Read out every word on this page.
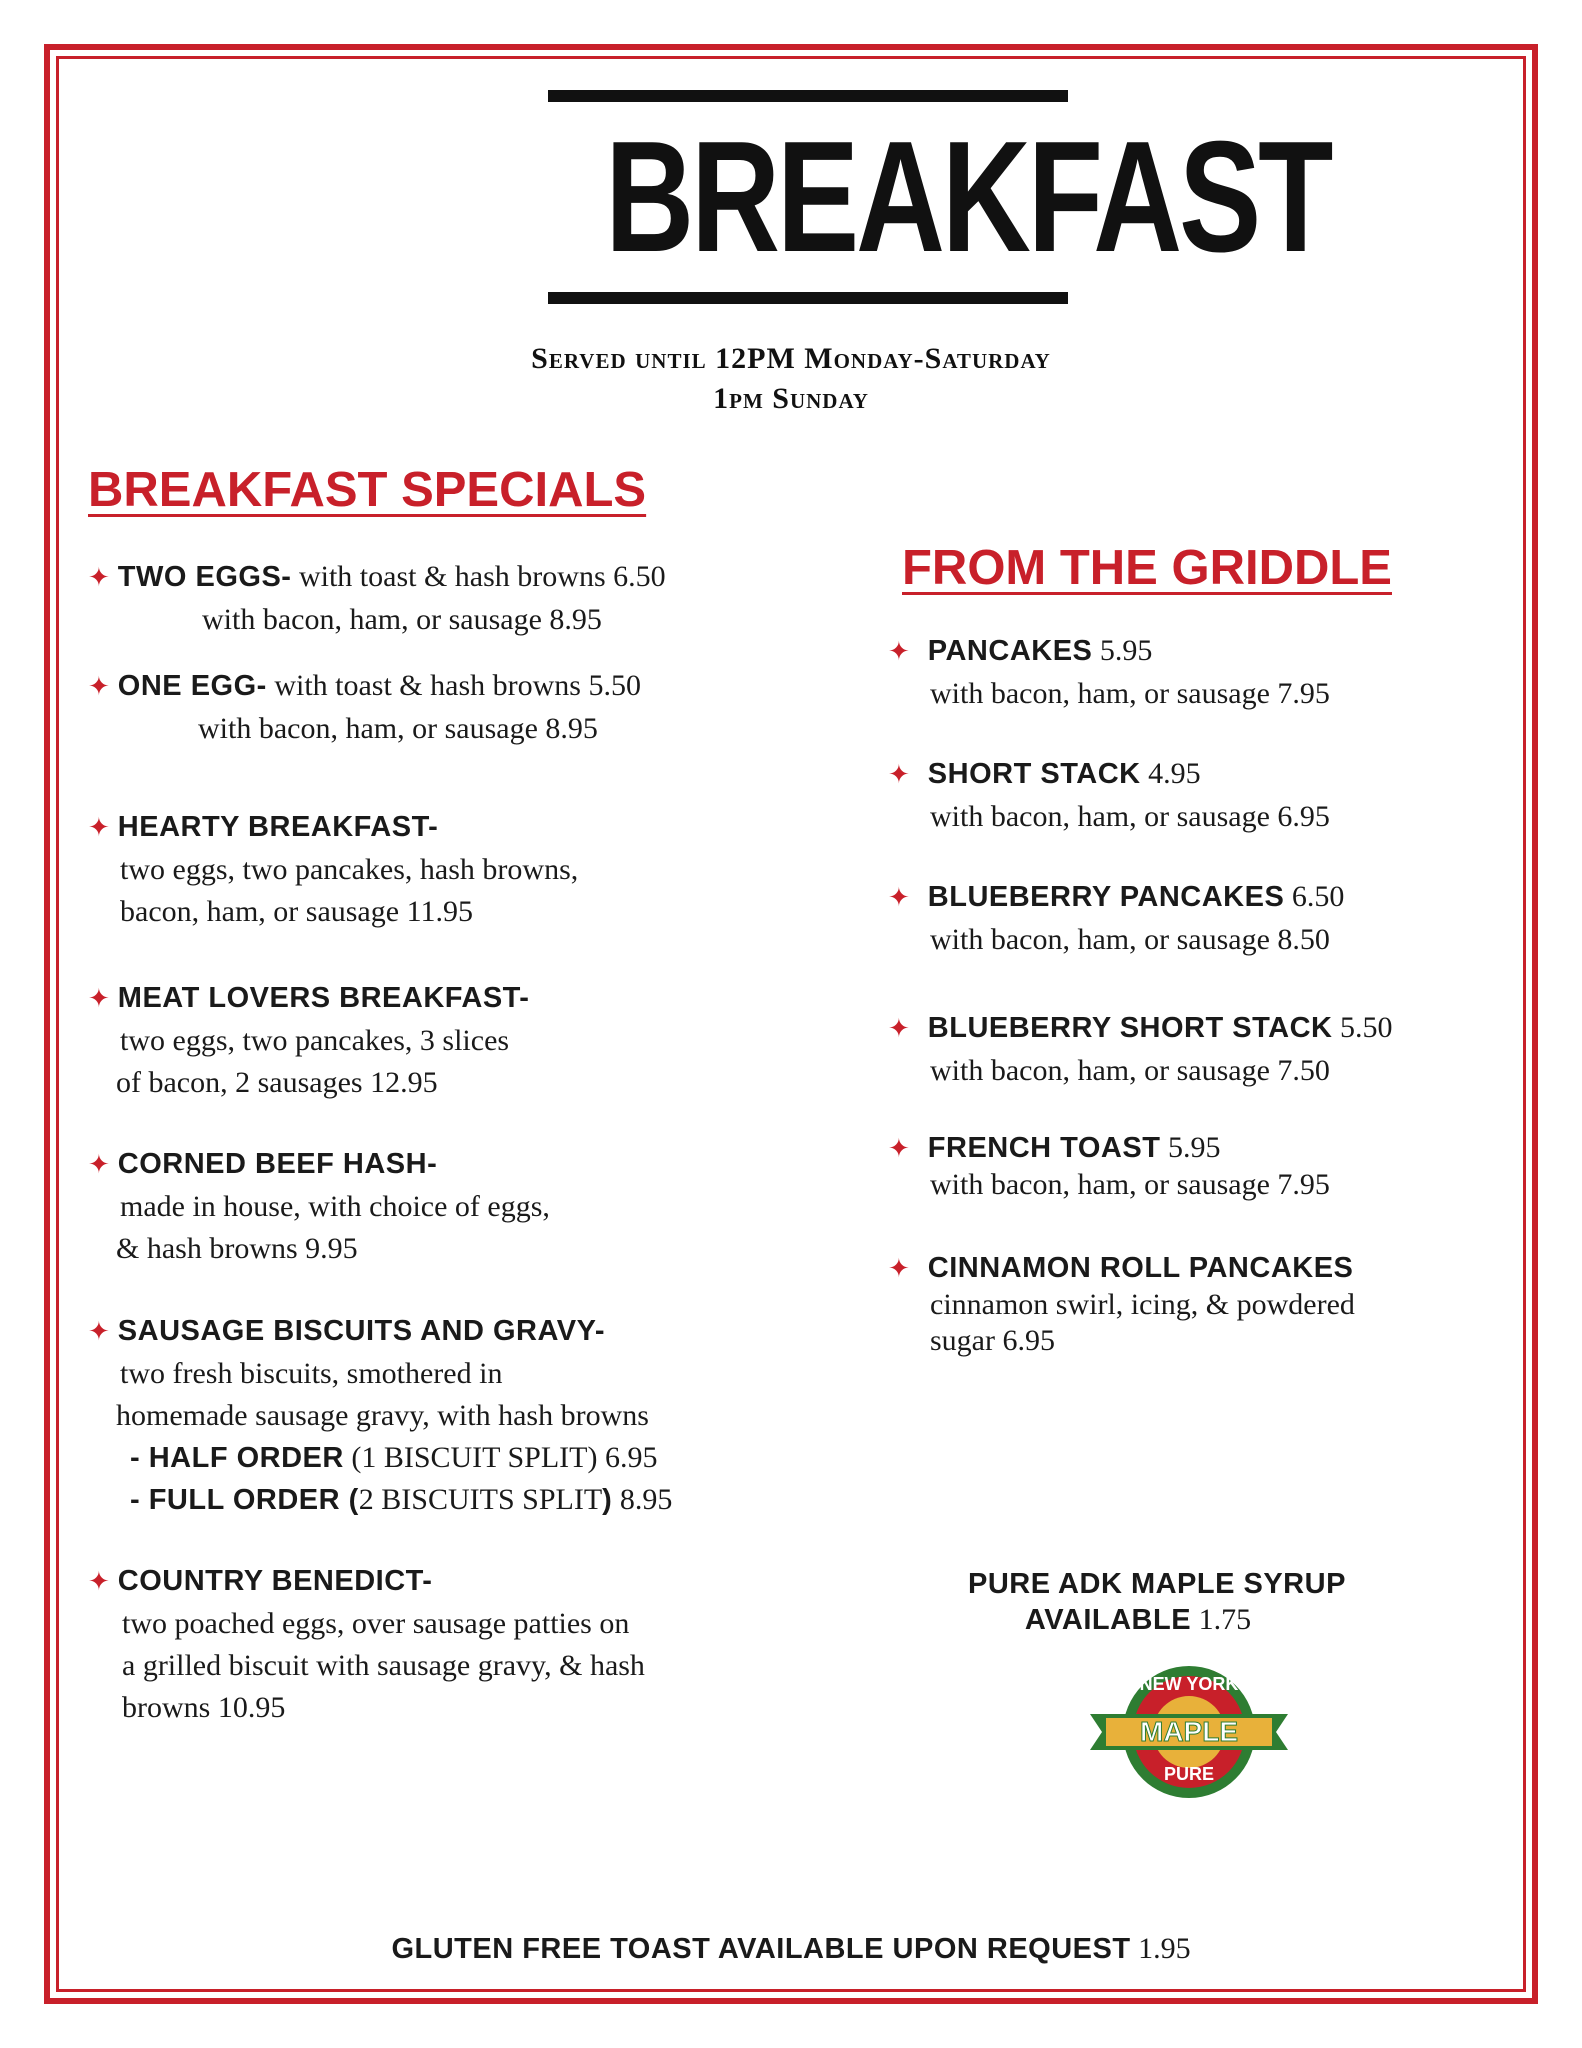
BREAKFAST
Served until 12PM Monday-Saturday
1pm Sunday
BREAKFAST SPECIALS
✦ TWO EGGS- with toast & hash browns 6.50
with bacon, ham, or sausage 8.95
✦ ONE EGG- with toast & hash browns 5.50
with bacon, ham, or sausage 8.95
✦ HEARTY BREAKFAST-
two eggs, two pancakes, hash browns,
bacon, ham, or sausage 11.95
✦ MEAT LOVERS BREAKFAST-
two eggs, two pancakes, 3 slices
of bacon, 2 sausages 12.95
✦ CORNED BEEF HASH-
made in house, with choice of eggs,
& hash browns 9.95
✦ SAUSAGE BISCUITS AND GRAVY-
two fresh biscuits, smothered in
homemade sausage gravy, with hash browns
- HALF ORDER (1 BISCUIT SPLIT) 6.95
- FULL ORDER (2 BISCUITS SPLIT) 8.95
✦ COUNTRY BENEDICT-
two poached eggs, over sausage patties on
a grilled biscuit with sausage gravy, & hash
browns 10.95
FROM THE GRIDDLE
✦ PANCAKES 5.95
with bacon, ham, or sausage 7.95
✦ SHORT STACK 4.95
with bacon, ham, or sausage 6.95
✦ BLUEBERRY PANCAKES 6.50
with bacon, ham, or sausage 8.50
✦ BLUEBERRY SHORT STACK 5.50
with bacon, ham, or sausage 7.50
✦ FRENCH TOAST 5.95
with bacon, ham, or sausage 7.95
✦ CINNAMON ROLL PANCAKES
cinnamon swirl, icing, & powdered
sugar 6.95
PURE ADK MAPLE SYRUP
AVAILABLE 1.75
NEW YORK
MAPLE
PURE
GLUTEN FREE TOAST AVAILABLE UPON REQUEST 1.95
